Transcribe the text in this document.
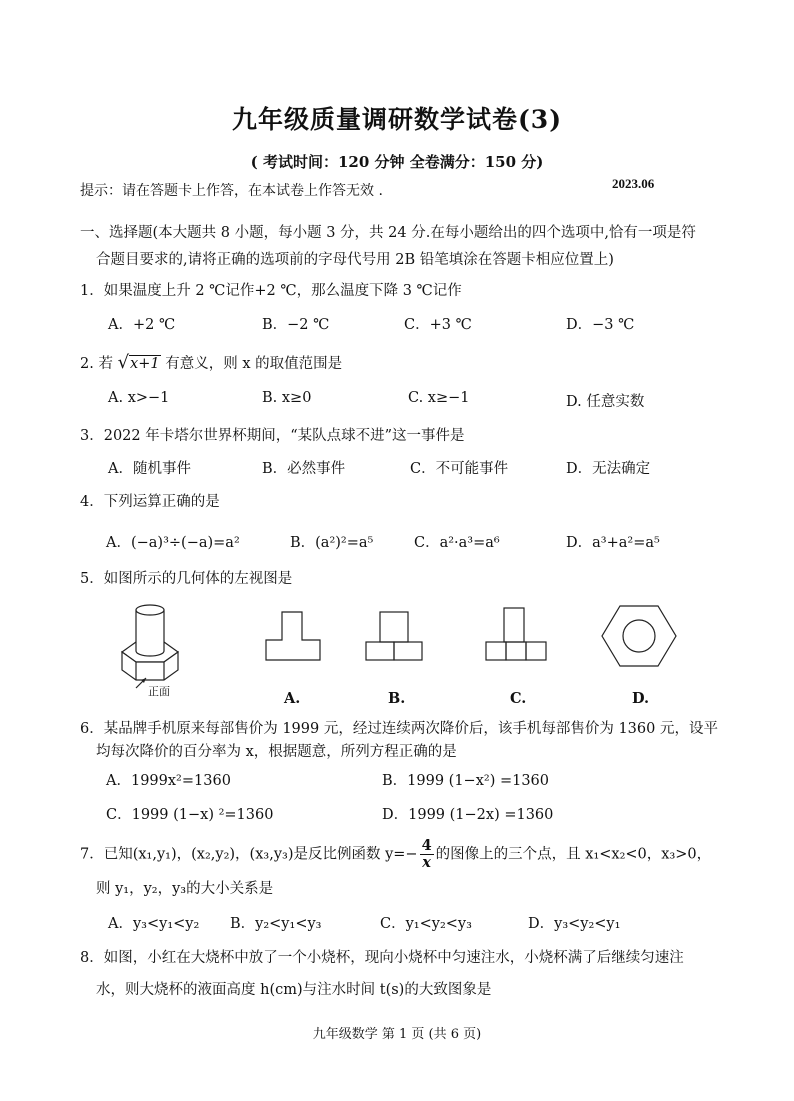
九年级质量调研数学试卷(3)
( 考试时间：120 分钟 全卷满分：150 分)
提示：请在答题卡上作答，在本试卷上作答无效 .	2023.06
一、选择题(本大题共 8 小题，每小题 3 分，共 24 分.在每小题给出的四个选项中,恰有一项是符
合题目要求的,请将正确的选项前的字母代号用 2B 铅笔填涂在答题卡相应位置上)
1．如果温度上升 2 ℃记作+2 ℃，那么温度下降 3 ℃记作
A．+2 ℃	B．−2 ℃	C．+3 ℃	D．−3 ℃
2. 若 √x+1 有意义，则 x 的取值范围是
A. x>−1	B. x≥0	C. x≥−1	D. 任意实数
3．2022 年卡塔尔世界杯期间，“某队点球不进”这一事件是
A．随机事件	B．必然事件	C．不可能事件	D．无法确定
4．下列运算正确的是
A．(−a)³÷(−a)=a²	B．(a²)²=a⁵	C．a²·a³=a⁶	D．a³+a²=a⁵
5．如图所示的几何体的左视图是
正面	A.	B.	C.	D.
6．某品牌手机原来每部售价为 1999 元，经过连续两次降价后，该手机每部售价为 1360 元，设平
均每次降价的百分率为 x，根据题意，所列方程正确的是
A．1999x²=1360	B．1999 (1−x²) =1360
C．1999 (1−x) ²=1360	D．1999 (1−2x) =1360
7．已知(x₁,y₁)，(x₂,y₂)，(x₃,y₃)是反比例函数 $y=- \frac{4}{x}$ 的图像上的三个点，且 x₁<x₂<0，x₃>0，
则 y₁，y₂，y₃的大小关系是
A．y₃<y₁<y₂ B．y₂<y₁<y₃	C．y₁<y₂<y₃	D．y₃<y₂<y₁
8．如图，小红在大烧杯中放了一个小烧杯，现向小烧杯中匀速注水，小烧杯满了后继续匀速注
水，则大烧杯的液面高度 h(cm)与注水时间 t(s)的大致图象是
九年级数学 第 1 页 (共 6 页)
